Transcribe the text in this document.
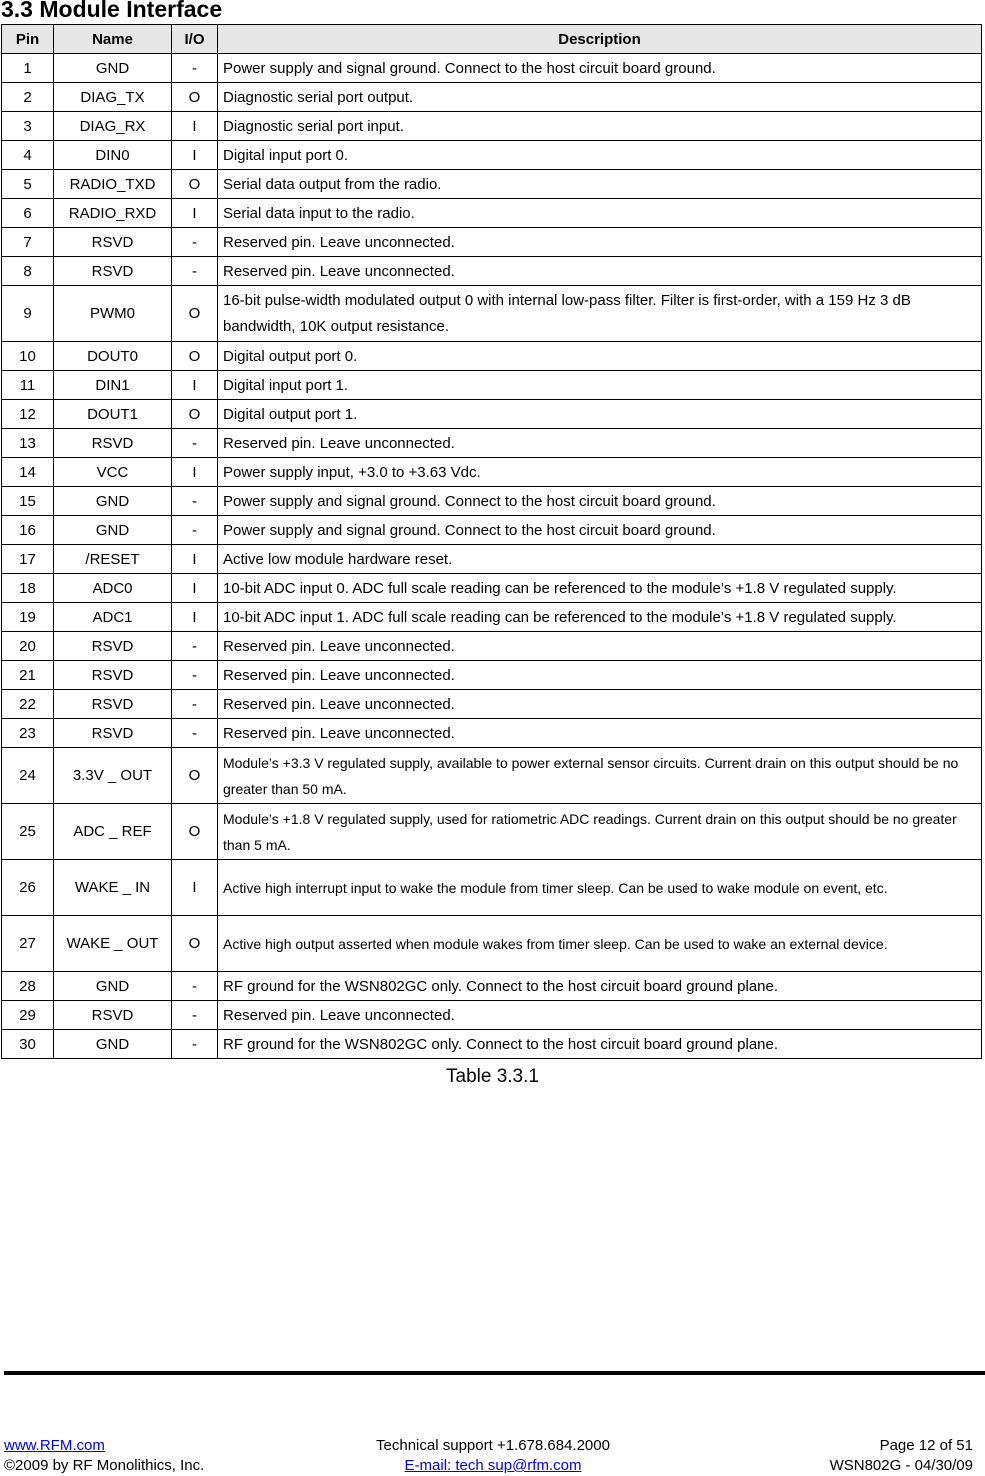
3.3 Module Interface
Pin	Name	I/O	Description
1	GND	-	Power supply and signal ground. Connect to the host circuit board ground.
2	DIAG_TX	O	Diagnostic serial port output.
3	DIAG_RX	I	Diagnostic serial port input.
4	DIN0	I	Digital input port 0.
5	RADIO_TXD	O	Serial data output from the radio.
6	RADIO_RXD	I	Serial data input to the radio.
7	RSVD	-	Reserved pin. Leave unconnected.
8	RSVD	-	Reserved pin. Leave unconnected.
9	PWM0	O	16-bit pulse-width modulated output 0 with internal low-pass filter. Filter is first-order, with a 159 Hz 3 dB bandwidth, 10K output resistance.
10	DOUT0	O	Digital output port 0.
11	DIN1	I	Digital input port 1.
12	DOUT1	O	Digital output port 1.
13	RSVD	-	Reserved pin. Leave unconnected.
14	VCC	I	Power supply input, +3.0 to +3.63 Vdc.
15	GND	-	Power supply and signal ground. Connect to the host circuit board ground.
16	GND	-	Power supply and signal ground. Connect to the host circuit board ground.
17	/RESET	I	Active low module hardware reset.
18	ADC0	I	10-bit ADC input 0. ADC full scale reading can be referenced to the module’s +1.8 V regulated supply.
19	ADC1	I	10-bit ADC input 1. ADC full scale reading can be referenced to the module’s +1.8 V regulated supply.
20	RSVD	-	Reserved pin. Leave unconnected.
21	RSVD	-	Reserved pin. Leave unconnected.
22	RSVD	-	Reserved pin. Leave unconnected.
23	RSVD	-	Reserved pin. Leave unconnected.
24	3.3V _ OUT	O	Module’s +3.3 V regulated supply, available to power external sensor circuits. Current drain on this output should be no greater than 50 mA.
25	ADC _ REF	O	Module’s +1.8 V regulated supply, used for ratiometric ADC readings. Current drain on this output should be no greater than 5 mA.
26	WAKE _ IN	I	Active high interrupt input to wake the module from timer sleep. Can be used to wake module on event, etc.
27	WAKE _ OUT	O	Active high output asserted when module wakes from timer sleep. Can be used to wake an external device.
28	GND	-	RF ground for the WSN802GC only. Connect to the host circuit board ground plane.
29	RSVD	-	Reserved pin. Leave unconnected.
30	GND	-	RF ground for the WSN802GC only. Connect to the host circuit board ground plane.
Table 3.3.1
www.RFM.com
©2009 by RF Monolithics, Inc.
Technical support +1.678.684.2000
E-mail: tech sup@rfm.com
Page 12 of 51
WSN802G - 04/30/09
